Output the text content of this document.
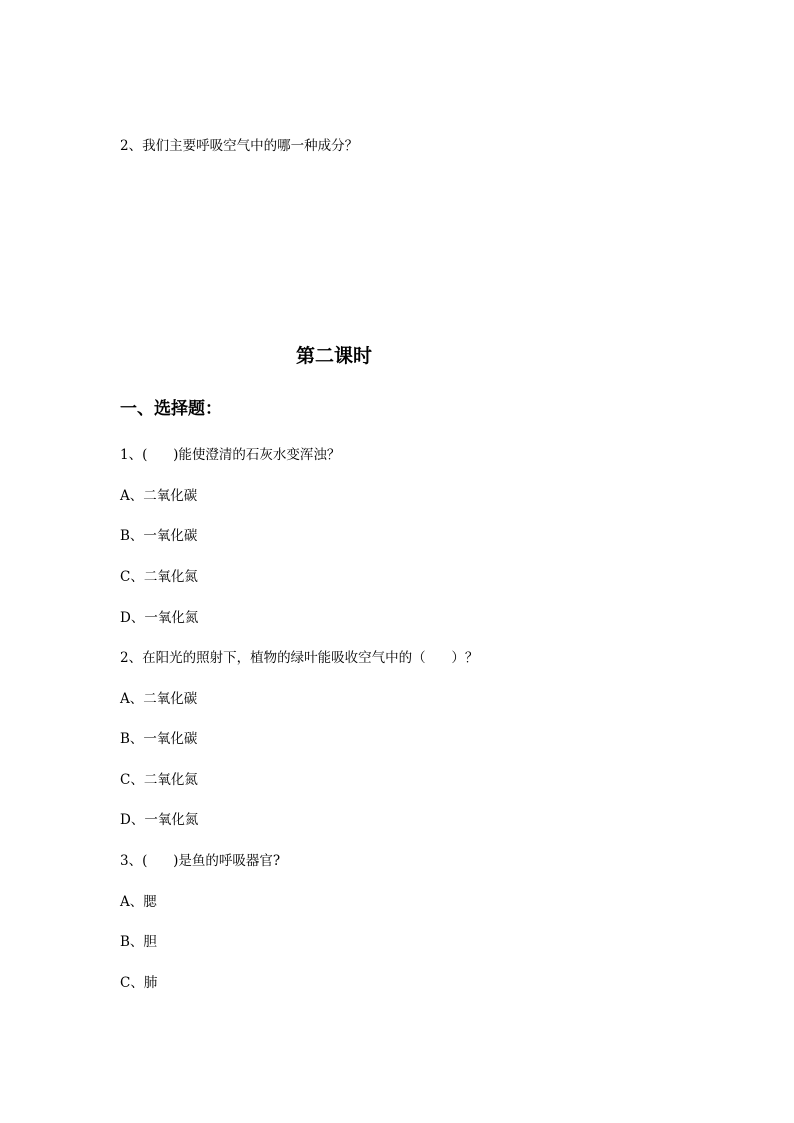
2、我们主要呼吸空气中的哪一种成分？
第二课时
一、选择题：
1、(      )能使澄清的石灰水变浑浊？
A、二氧化碳
B、一氧化碳
C、二氧化氮
D、一氧化氮
2、在阳光的照射下，植物的绿叶能吸收空气中的（      ）？
A、二氧化碳
B、一氧化碳
C、二氧化氮
D、一氧化氮
3、(      )是鱼的呼吸器官?
A、腮
B、胆
C、肺
